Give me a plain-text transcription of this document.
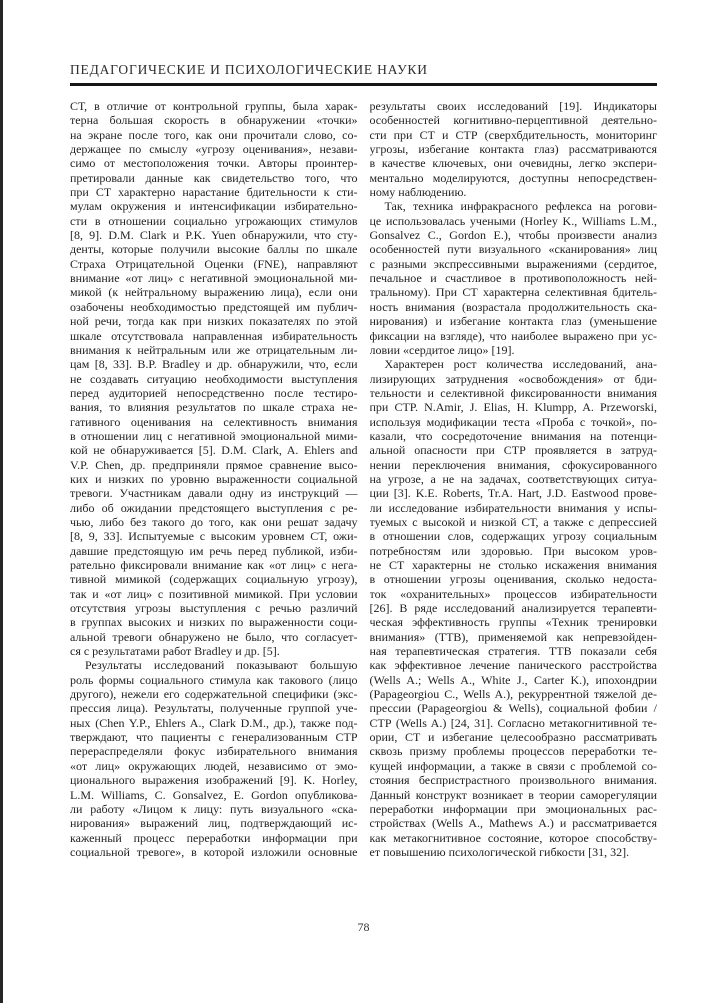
ПЕДАГОГИЧЕСКИЕ И ПСИХОЛОГИЧЕСКИЕ НАУКИ
СТ, в отличие от контрольной группы, была харак-
терна большая скорость в обнаружении «точки»
на экране после того, как они прочитали слово, со-
держащее по смыслу «угрозу оценивания», незави-
симо от местоположения точки. Авторы проинтер-
претировали данные как свидетельство того, что
при СТ характерно нарастание бдительности к сти-
мулам окружения и интенсификации избирательно-
сти в отношении социально угрожающих стимулов
[8, 9]. D.M. Clark и P.K. Yuen обнаружили, что сту-
денты, которые получили высокие баллы по шкале
Страха Отрицательной Оценки (FNE), направляют
внимание «от лиц» с негативной эмоциональной ми-
микой (к нейтральному выражению лица), если они
озабочены необходимостью предстоящей им публич-
ной речи, тогда как при низких показателях по этой
шкале отсутствовала направленная избирательность
внимания к нейтральным или же отрицательным ли-
цам [8, 33]. B.P. Bradley и др. обнаружили, что, если
не создавать ситуацию необходимости выступления
перед аудиторией непосредственно после тестиро-
вания, то влияния результатов по шкале страха не-
гативного оценивания на селективность внимания
в отношении лиц с негативной эмоциональной мими-
кой не обнаруживается [5]. D.M. Clark, A. Ehlers and
V.P. Chen, др. предприняли прямое сравнение высо-
ких и низких по уровню выраженности социальной
тревоги. Участникам давали одну из инструкций —
либо об ожидании предстоящего выступления с ре-
чью, либо без такого до того, как они решат задачу
[8, 9, 33]. Испытуемые с высоким уровнем СТ, ожи-
давшие предстоящую им речь перед публикой, изби-
рательно фиксировали внимание как «от лиц» с нега-
тивной мимикой (содержащих социальную угрозу),
так и «от лиц» с позитивной мимикой. При условии
отсутствия угрозы выступления с речью различий
в группах высоких и низких по выраженности соци-
альной тревоги обнаружено не было, что согласует-
ся с результатами работ Bradley и др. [5].
Результаты исследований показывают большую
роль формы социального стимула как такового (лицо
другого), нежели его содержательной специфики (экс-
прессия лица). Результаты, полученные группой уче-
ных (Chen Y.P., Ehlers A., Clark D.M., др.), также под-
тверждают, что пациенты с генерализованным СТР
перераспределяли фокус избирательного внимания
«от лиц» окружающих людей, независимо от эмо-
ционального выражения изображений [9]. K. Horley,
L.M. Williams, C. Gonsalvez, E. Gordon опубликова-
ли работу «Лицом к лицу: путь визуального «ска-
нирования» выражений лиц, подтверждающий ис-
каженный процесс переработки информации при
социальной тревоге», в которой изложили основные
результаты своих исследований [19]. Индикаторы
особенностей когнитивно-перцептивной деятельно-
сти при СТ и СТР (сверхбдительность, мониторинг
угрозы, избегание контакта глаз) рассматриваются
в качестве ключевых, они очевидны, легко экспери-
ментально моделируются, доступны непосредствен-
ному наблюдению.
Так, техника инфракрасного рефлекса на рогови-
це использовалась учеными (Horley K., Williams L.M.,
Gonsalvez C., Gordon E.), чтобы произвести анализ
особенностей пути визуального «сканирования» лиц
с разными экспрессивными выражениями (сердитое,
печальное и счастливое в противоположность ней-
тральному). При СТ характерна селективная бдитель-
ность внимания (возрастала продолжительность ска-
нирования) и избегание контакта глаз (уменьшение
фиксации на взгляде), что наиболее выражено при ус-
ловии «сердитое лицо» [19].
Характерен рост количества исследований, ана-
лизирующих затруднения «освобождения» от бди-
тельности и селективной фиксированности внимания
при СТР. N.Amir, J. Elias, H. Klumpp, A. Przeworski,
используя модификации теста «Проба с точкой», по-
казали, что сосредоточение внимания на потенци-
альной опасности при СТР проявляется в затруд-
нении переключения внимания, сфокусированного
на угрозе, а не на задачах, соответствующих ситуа-
ции [3]. K.E. Roberts, Tr.A. Hart, J.D. Eastwood прове-
ли исследование избирательности внимания у испы-
туемых с высокой и низкой СТ, а также с депрессией
в отношении слов, содержащих угрозу социальным
потребностям или здоровью. При высоком уров-
не СТ характерны не столько искажения внимания
в отношении угрозы оценивания, сколько недоста-
ток «охранительных» процессов избирательности
[26]. В ряде исследований анализируется терапевти-
ческая эффективность группы «Техник тренировки
внимания» (ТТВ), применяемой как непревзойден-
ная терапевтическая стратегия. ТТВ показали себя
как эффективное лечение панического расстройства
(Wells A.; Wells A., White J., Carter K.), ипохондрии
(Papageorgiou C., Wells A.), рекуррентной тяжелой де-
прессии (Papageorgiou & Wells), социальной фобии /
СТР (Wells A.) [24, 31]. Согласно метакогнитивной те-
ории, СТ и избегание целесообразно рассматривать
сквозь призму проблемы процессов переработки те-
кущей информации, а также в связи с проблемой со-
стояния беспристрастного произвольного внимания.
Данный конструкт возникает в теории саморегуляции
переработки информации при эмоциональных рас-
стройствах (Wells A., Mathews A.) и рассматривается
как метакогнитивное состояние, которое способству-
ет повышению психологической гибкости [31, 32].
78
